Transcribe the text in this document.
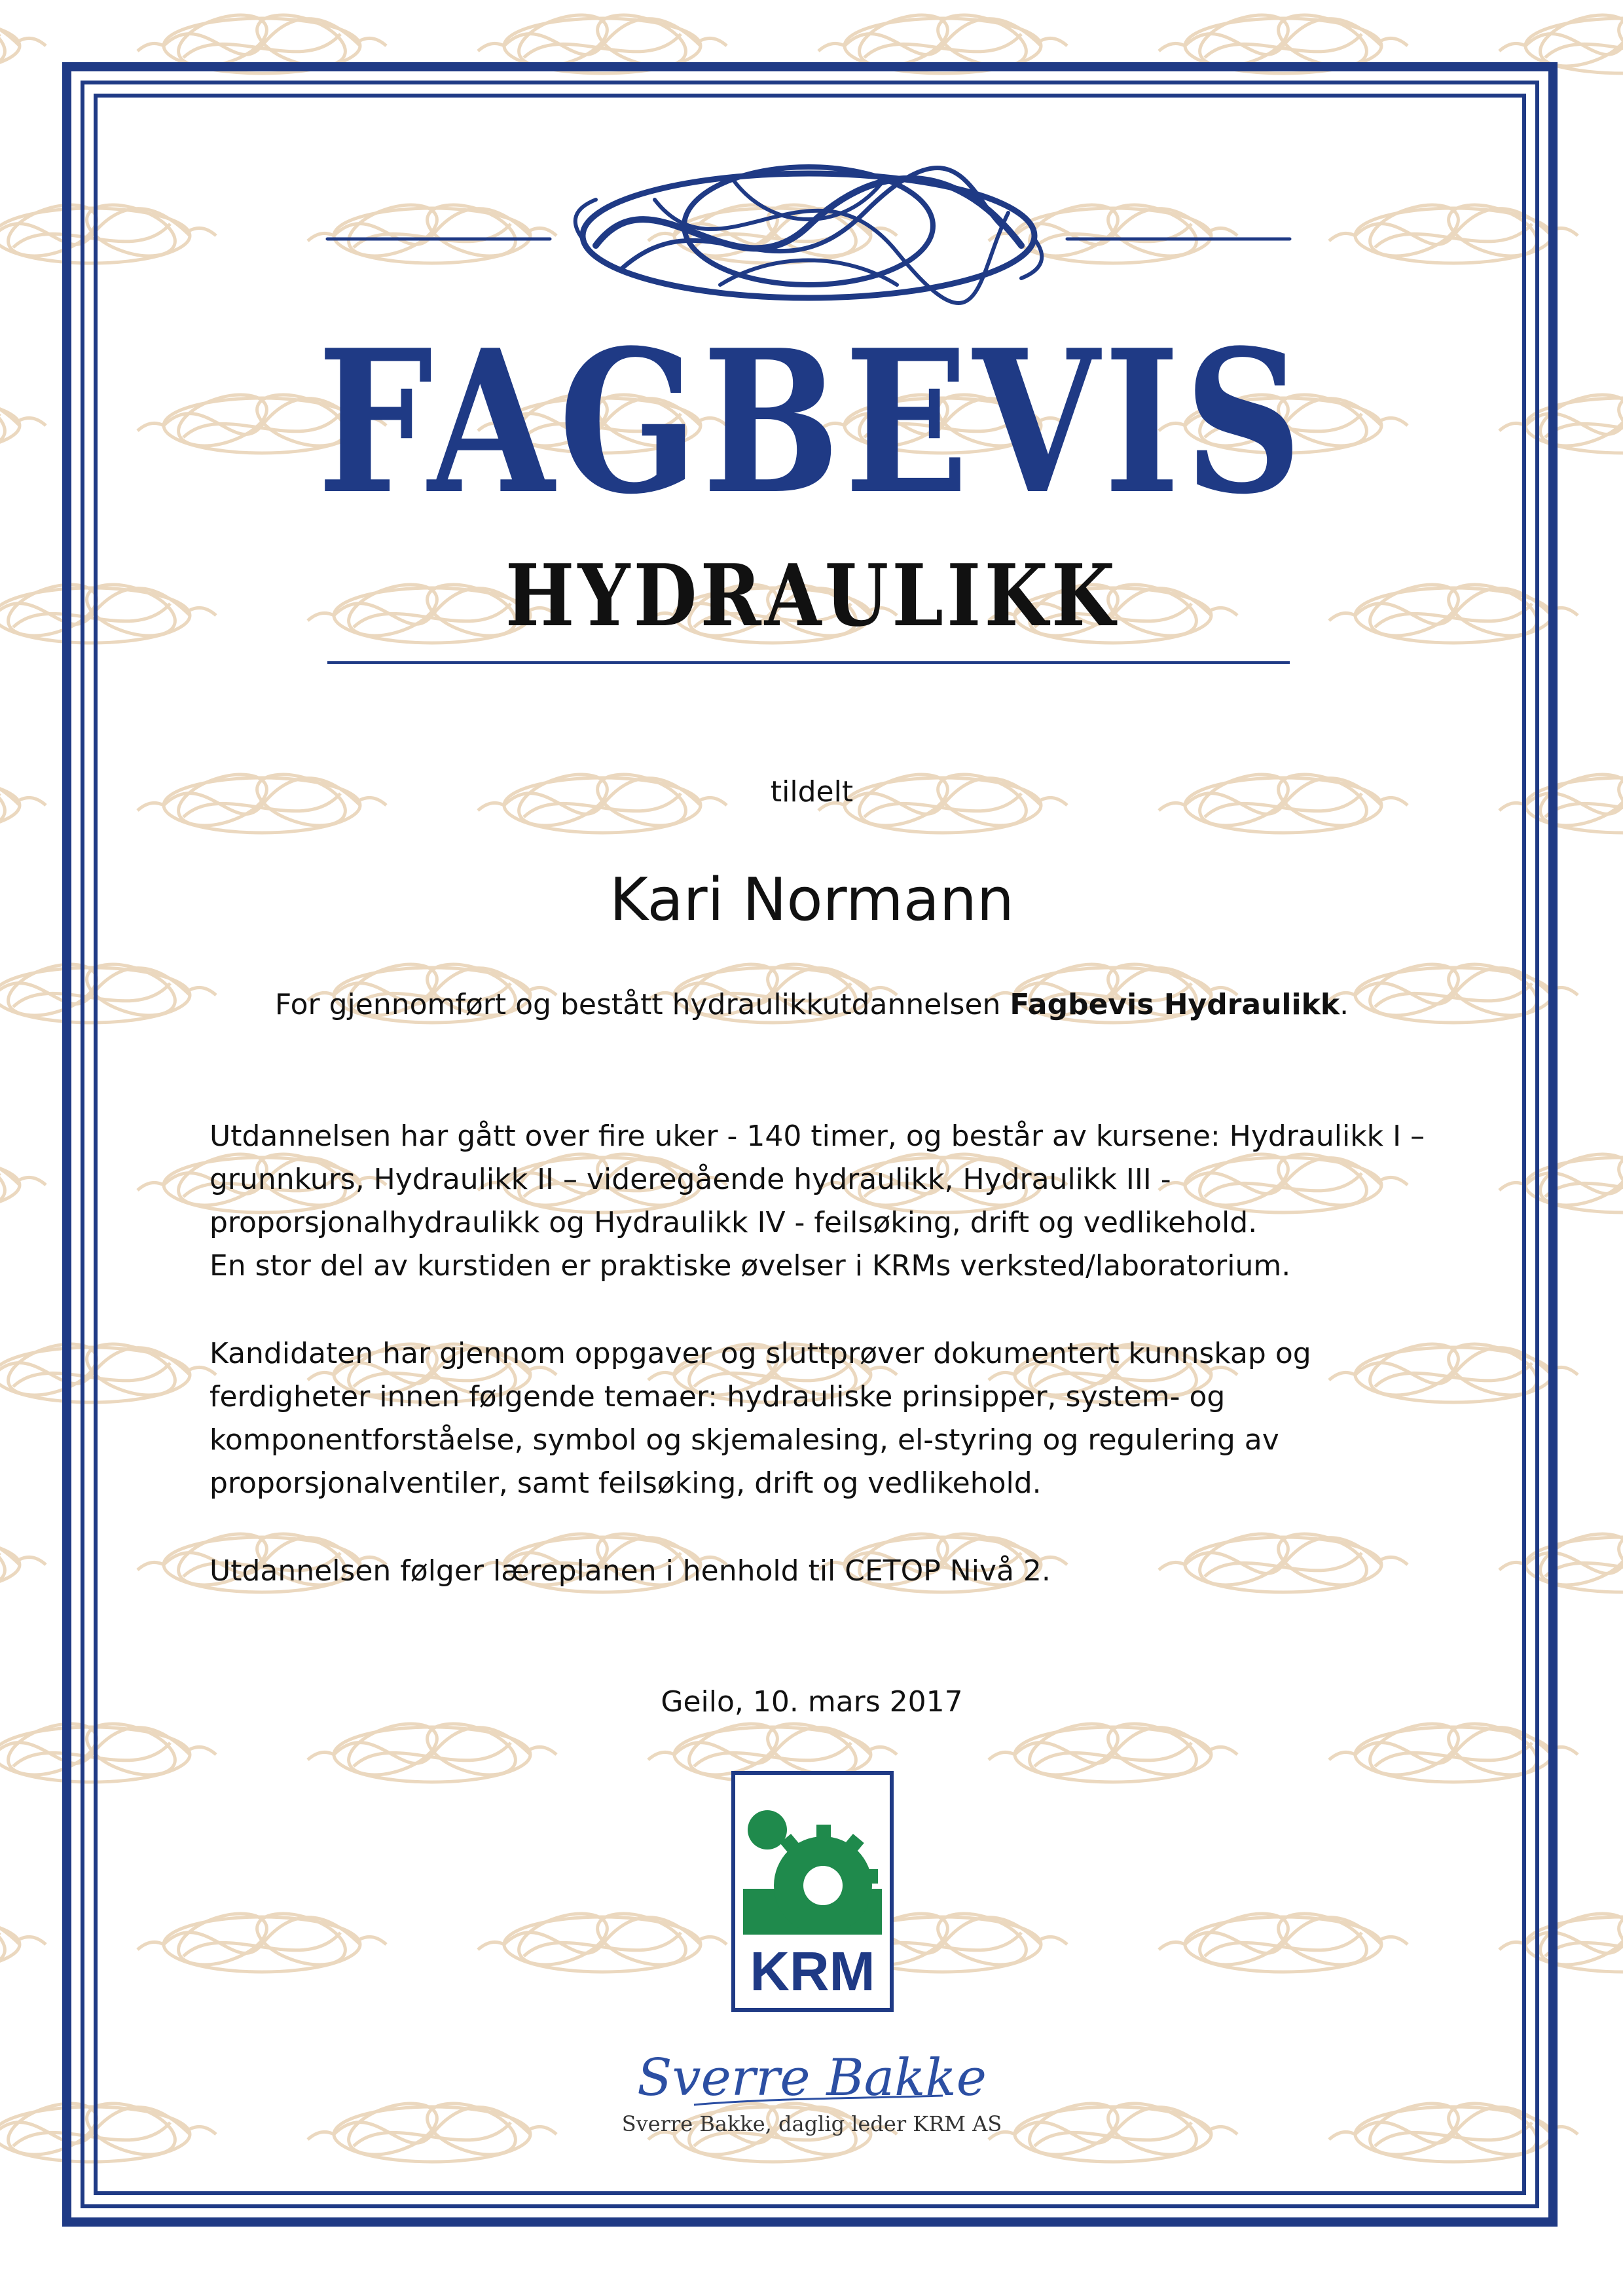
FAGBEVIS
HYDRAULIKK

tildelt

Kari Normann

For gjennomført og bestått hydraulikkutdannelsen Fagbevis Hydraulikk.

Utdannelsen har gått over fire uker - 140 timer, og består av kursene: Hydraulikk I –
grunnkurs, Hydraulikk II – videregående hydraulikk, Hydraulikk III -
proporsjonalhydraulikk og Hydraulikk IV - feilsøking, drift og vedlikehold.
En stor del av kurstiden er praktiske øvelser i KRMs verksted/laboratorium.
Kandidaten har gjennom oppgaver og sluttprøver dokumentert kunnskap og
ferdigheter innen følgende temaer: hydrauliske prinsipper, system- og
komponentforståelse, symbol og skjemalesing, el-styring og regulering av
proporsjonalventiler, samt feilsøking, drift og vedlikehold.
Utdannelsen følger læreplanen i henhold til CETOP Nivå 2.

Geilo, 10. mars 2017

KRM
Sverre Bakke

Sverre Bakke, daglig leder KRM AS
